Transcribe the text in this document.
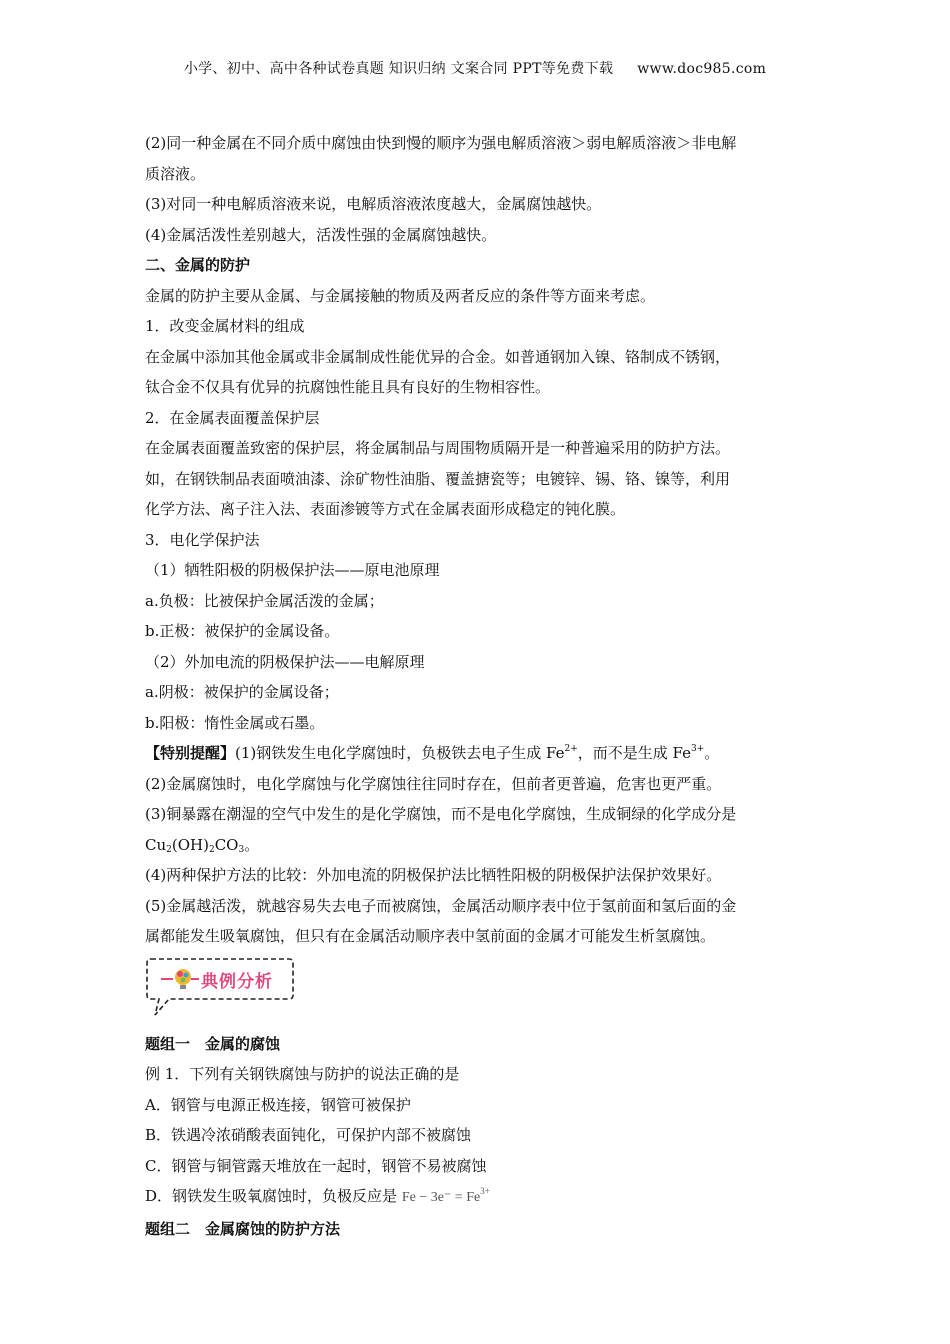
小学、初中、高中各种试卷真题 知识归纳 文案合同 PPT等免费下载 www.doc985.com
(2)同一种金属在不同介质中腐蚀由快到慢的顺序为强电解质溶液＞弱电解质溶液＞非电解
质溶液。
(3)对同一种电解质溶液来说，电解质溶液浓度越大，金属腐蚀越快。
(4)金属活泼性差别越大，活泼性强的金属腐蚀越快。
二、金属的防护
金属的防护主要从金属、与金属接触的物质及两者反应的条件等方面来考虑。
1．改变金属材料的组成
在金属中添加其他金属或非金属制成性能优异的合金。如普通钢加入镍、铬制成不锈钢，
钛合金不仅具有优异的抗腐蚀性能且具有良好的生物相容性。
2．在金属表面覆盖保护层
在金属表面覆盖致密的保护层，将金属制品与周围物质隔开是一种普遍采用的防护方法。
如，在钢铁制品表面喷油漆、涂矿物性油脂、覆盖搪瓷等；电镀锌、锡、铬、镍等，利用
化学方法、离子注入法、表面渗镀等方式在金属表面形成稳定的钝化膜。
3．电化学保护法
（1）牺牲阳极的阴极保护法——原电池原理
a.负极：比被保护金属活泼的金属；
b.正极：被保护的金属设备。
（2）外加电流的阴极保护法——电解原理
a.阴极：被保护的金属设备；
b.阳极：惰性金属或石墨。
【特别提醒】(1)钢铁发生电化学腐蚀时，负极铁去电子生成 $Fe^{2+}$，而不是生成 $Fe^{3+}$。
(2)金属腐蚀时，电化学腐蚀与化学腐蚀往往同时存在，但前者更普遍，危害也更严重。
(3)铜暴露在潮湿的空气中发生的是化学腐蚀，而不是电化学腐蚀，生成铜绿的化学成分是
$Cu_2(OH)_2CO_3$。
(4)两种保护方法的比较：外加电流的阴极保护法比牺牲阳极的阴极保护法保护效果好。
(5)金属越活泼，就越容易失去电子而被腐蚀，金属活动顺序表中位于氢前面和氢后面的金
属都能发生吸氧腐蚀，但只有在金属活动顺序表中氢前面的金属才可能发生析氢腐蚀。
典例分析
题组一　金属的腐蚀
例 1．下列有关钢铁腐蚀与防护的说法正确的是
A．钢管与电源正极连接，钢管可被保护
B．铁遇冷浓硝酸表面钝化，可保护内部不被腐蚀
C．钢管与铜管露天堆放在一起时，钢管不易被腐蚀
D．钢铁发生吸氧腐蚀时，负极反应是 $Fe - 3e^- = Fe^{3+}$
题组二　金属腐蚀的防护方法
